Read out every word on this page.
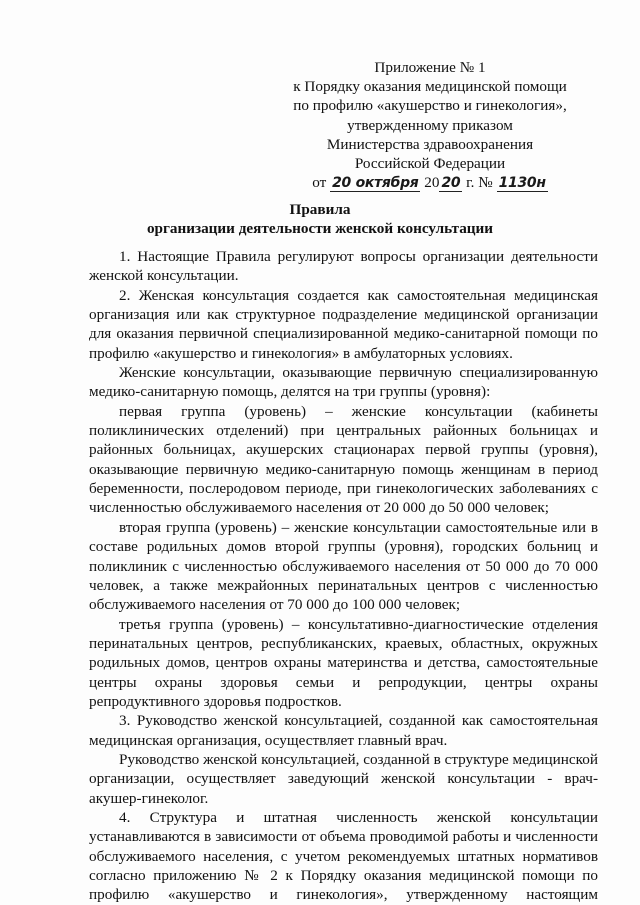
Приложение № 1
к Порядку оказания медицинской помощи
по профилю «акушерство и гинекология»,
утвержденному приказом
Министерства здравоохранения
Российской Федерации
от 20 октября 20 20 г. № 1130н
Правила
организации деятельности женской консультации

1. Настоящие Правила регулируют вопросы организации деятельности женской консультации.

2. Женская консультация создается как самостоятельная медицинская организация или как структурное подразделение медицинской организации для оказания первичной специализированной медико-санитарной помощи по профилю «акушерство и гинекология» в амбулаторных условиях.

Женские консультации, оказывающие первичную специализированную медико-санитарную помощь, делятся на три группы (уровня):

первая группа (уровень) – женские консультации (кабинеты поликлинических отделений) при центральных районных больницах и районных больницах, акушерских стационарах первой группы (уровня), оказывающие первичную медико-санитарную помощь женщинам в период беременности, послеродовом периоде, при гинекологических заболеваниях с численностью обслуживаемого населения от 20 000 до 50 000 человек;

вторая группа (уровень) – женские консультации самостоятельные или в составе родильных домов второй группы (уровня), городских больниц и поликлиник с численностью обслуживаемого населения от 50 000 до 70 000 человек, а также межрайонных перинатальных центров с численностью обслуживаемого населения от 70 000 до 100 000 человек;

третья группа (уровень) – консультативно-диагностические отделения перинатальных центров, республиканских, краевых, областных, окружных родильных домов, центров охраны материнства и детства, самостоятельные центры охраны здоровья семьи и репродукции, центры охраны репродуктивного здоровья подростков.

3. Руководство женской консультацией, созданной как самостоятельная медицинская организация, осуществляет главный врач.

Руководство женской консультацией, созданной в структуре медицинской организации, осуществляет заведующий женской консультации - врач-акушер-гинеколог.

4. Структура и штатная численность женской консультации устанавливаются в зависимости от объема проводимой работы и численности обслуживаемого населения, с учетом рекомендуемых штатных нормативов согласно приложению № 2 к Порядку оказания медицинской помощи по профилю «акушерство и гинекология», утвержденному настоящим
